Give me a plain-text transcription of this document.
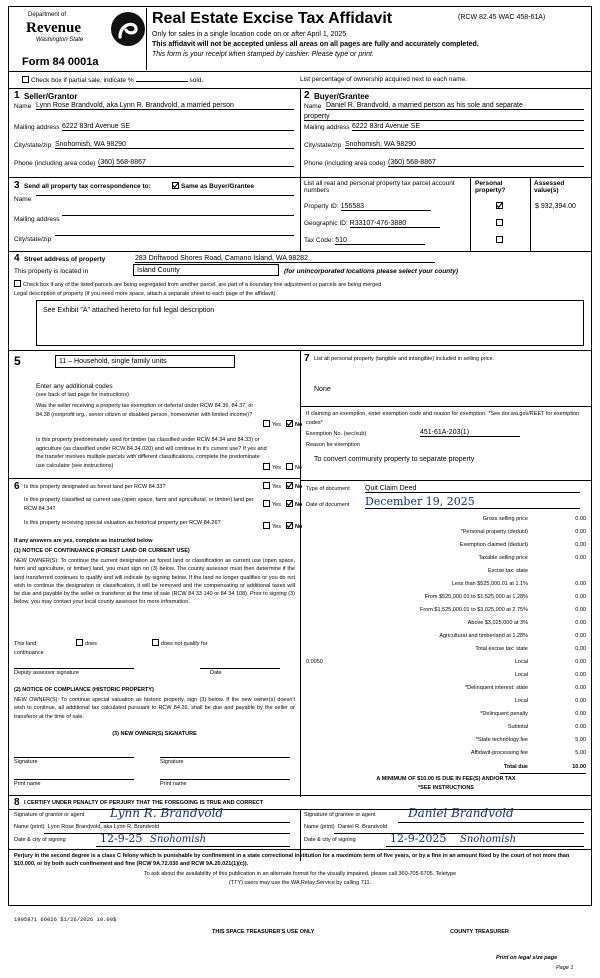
Department of
Revenue
Washington State
Real Estate Excise Tax Affidavit	(RCW 82.45 WAC 458-61A)
Only for sales in a single location code on or after April 1, 2025
This affidavit will not be accepted unless all areas on all pages are fully and accurately completed.
This form is your receipt when stamped by cashier. Please type or print.
Form 84 0001a
Check box if partial sale, indicate %	sold.	List percentage of ownership acquired next to each name.
1 Seller/Grantor
Name Lynn Rose Brandvold, aka Lynn R. Brandvold, a married person
Mailing address 6222 83rd Avenue SE
City/state/zip Snohomish, WA 98290
Phone (including area code) (360) 568-8867
2 Buyer/Grantee
Name Daniel R. Brandvold, a married person as his sole and separate
property
Mailing address 6222 83rd Avenue SE
City/state/zip Snohomish, WA 98290
Phone (including area code) (360) 568-8867
3 Send all property tax correspondence to:	Same as Buyer/Grantee
Name
Mailing address
City/state/zip
List all real and personal property tax parcel account numbers
Personal property?
Assessed value(s)
Property ID: 156583	$ 932,394.00
Geographic ID: R33107-476-3880
Tax Code: 510
4 Street address of property	283 Driftwood Shores Road, Camano Island, WA 98282
This property is located in	Island County	(for unincorporated locations please select your county)
Check box if any of the listed parcels are being segregated from another parcel, are part of a boundary line adjustment or parcels are being merged
Legal description of property (if you need more space, attach a separate sheet to each page of the affidavit).
See Exhibit "A" attached hereto for full legal description
5	11 – Household, single family units
Enter any additional codes
(see back of last page for instructions)
Was the seller receiving a property tax exemption or deferral under RCW 84.36, 84.37, or 84.38 (nonprofit org., senior citizen or disabled person, homeowner with limited income)?
Yes	No
Is this property predominately used for timber (as classified under RCW 84.34 and 84.33) or agriculture (as classified under RCW 84.34.020) and will continue in it's current use? If yes and the transfer involves multiple parcels with different classifications, complete the predominate use calculator (see instructions)	Yes	No
6 Is this property designated as forest land per RCW 84.33?	Yes	No
Is this property classified as current use (open space, farm and agricultural, or timber) land per RCW 84.34?
Yes	No
Is this property receiving special valuation as historical property per RCW 84.26?
Yes	No
If any answers are yes, complete as instructed below
(1) NOTICE OF CONTINUANCE (FOREST LAND OR CURRENT USE)
NEW OWNER(S): To continue the current designation as forest land or classification as current use (open space, farm and agriculture, or timber) land, you must sign on (3) below. The county assessor must then determine if the land transferred continues to qualify and will indicate by signing below. If the land no longer qualifies or you do not wish to continue the designation or classification, it will be removed and the compensating or additional taxes will be due and payable by the seller or transferor at the time of sale (RCW 84 33 140 or 84 34 108). Prior to signing (3) below, you may contact your local county assessor for more information.
This land	does	does not qualify for
continuance
Deputy assessor signature	Date
(2) NOTICE OF COMPLIANCE (HISTORIC PROPERTY)
NEW OWNER(S): To continue special valuation as historic property, sign (3) below. If the new owner(s) doesn't wish to continue, all additional tax calculated pursuant to RCW 84.26, shall be due and payable by the seller or transferor at the time of sale.
(3) NEW OWNER(S) SIGNATURE
Signature	Signature
Print name	Print name
7 List all personal property (tangible and intangible) included in selling price.
None
If claiming an exemption, enter exemption code and reason for exemption. *See dor.wa.gov/REET for exemption codes*
Exemption No. (sec/sub)	451-61A-203(1)
Reason for exemption
To convert community property to separate property
Type of document Quit Claim Deed
Date of document December 19, 2025
Gross selling price	0.00
*Personal property (deduct)	0.00
Exemption claimed (deduct)	0.00
Taxable selling price	0.00
Excise tax: state
Less than $525,000.01 at 1.1%	0.00
From $525,000.01 to $1,525,000 at 1.28%	0.00
From $1,525,000.01 to $3,025,000 at 2.75%	0.00
Above $3,025,000 at 3%	0.00
Agricultural and timberland at 1.28%	0.00
Total excise tax: state	0.00
0.0050	Local	0.00
Local	0.00
*Delinquent interest: state	0.00
Local	0.00
*Delinquent penalty	0.00
Subtotal	0.00
*State technology fee	5.00
Affidavit-processing fee	5.00
Total due	10.00
A MINIMUM OF $10.00 IS DUE IN FEE(S) AND/OR TAX
*SEE INSTRUCTIONS
8 I CERTIFY UNDER PENALTY OF PERJURY THAT THE FOREGOING IS TRUE AND CORRECT
Signature of grantor or agent Lynn R. Brandvold
Name (print) Lynn Rose Brandvold, aka Lynn R. Brandvold
Date & city of signing	12-9-25 Snohomish
Signature of grantee or agent	Daniel Brandvold
Name (print) Daniel R. Brandvold
Date & city of signing	12-9-2025 Snohomish
Perjury in the second degree is a class C felony which is punishable by confinement in a state correctional institution for a maximum term of five years, or by a fine in an amount fixed by the court of not more than $10,000, or by both such confinement and fine (RCW 9A.72.030 and RCW 9A.20.021(1)(c)).
To ask about the availability of this publication in an alternate format for the visually impaired, please call 360-705-6705. Teletype
(TTY) users may use the WA Relay Service by calling 711.
1905871 66026 $1/26/2026 10.00$
THIS SPACE TREASURER'S USE ONLY	COUNTY TREASURER
Print on legal size page
Page 1
